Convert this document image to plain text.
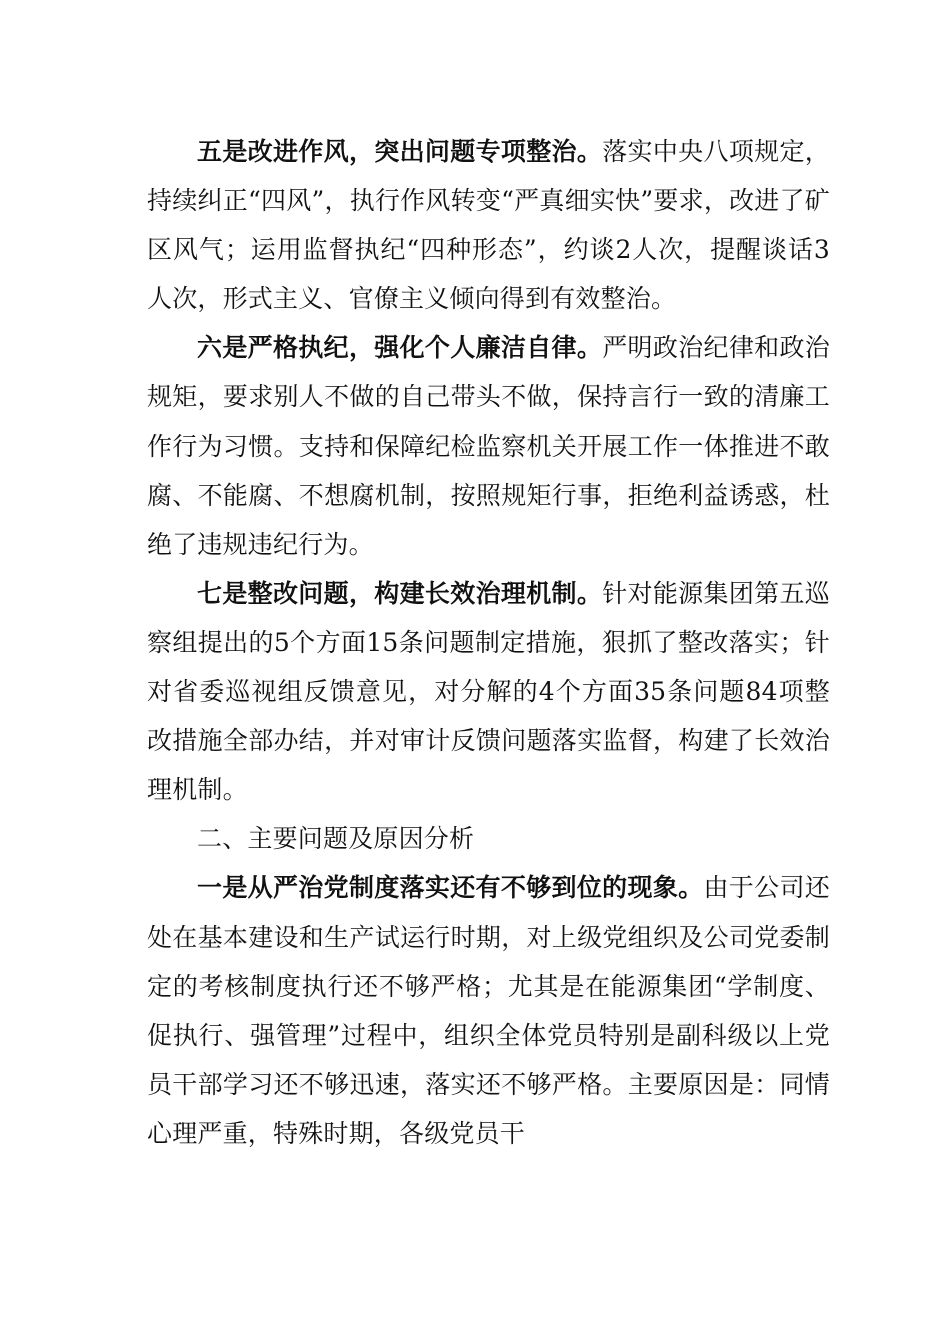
五是改进作风，突出问题专项整治。落实中央八项规定，持续纠正“四风”，执行作风转变“严真细实快”要求，改进了矿区风气；运用监督执纪“四种形态”，约谈2人次，提醒谈话3人次，形式主义、官僚主义倾向得到有效整治。

六是严格执纪，强化个人廉洁自律。严明政治纪律和政治规矩，要求别人不做的自己带头不做，保持言行一致的清廉工作行为习惯。支持和保障纪检监察机关开展工作一体推进不敢腐、不能腐、不想腐机制，按照规矩行事，拒绝利益诱惑，杜绝了违规违纪行为。

七是整改问题，构建长效治理机制。针对能源集团第五巡察组提出的5个方面15条问题制定措施，狠抓了整改落实；针对省委巡视组反馈意见，对分解的4个方面35条问题84项整改措施全部办结，并对审计反馈问题落实监督，构建了长效治理机制。

二、主要问题及原因分析

一是从严治党制度落实还有不够到位的现象。由于公司还处在基本建设和生产试运行时期，对上级党组织及公司党委制定的考核制度执行还不够严格；尤其是在能源集团“学制度、促执行、强管理”过程中，组织全体党员特别是副科级以上党员干部学习还不够迅速，落实还不够严格。主要原因是：同情心理严重，特殊时期，各级党员干
